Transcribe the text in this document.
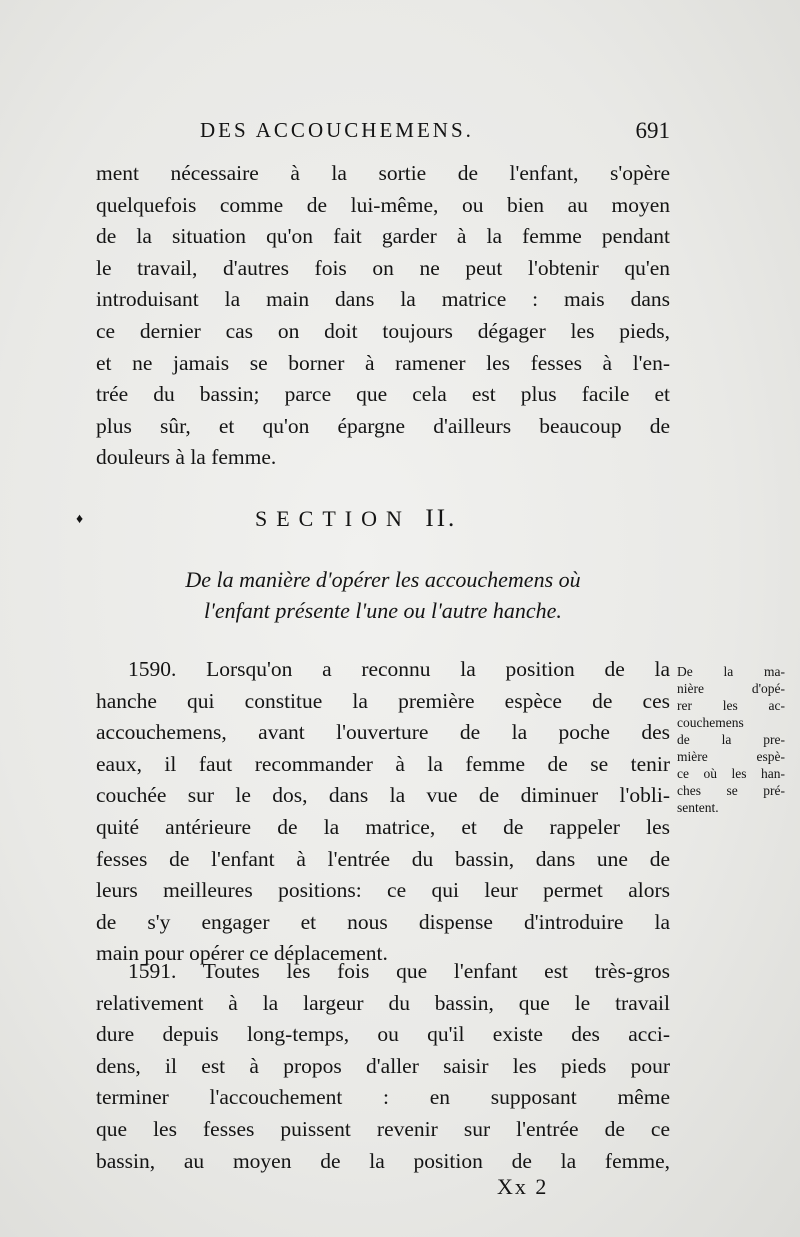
DES ACCOUCHEMENS.	691
ment nécessaire à la sortie de l'enfant, s'opère
quelquefois comme de lui-même, ou bien au moyen
de la situation qu'on fait garder à la femme pendant
le travail, d'autres fois on ne peut l'obtenir qu'en
introduisant la main dans la matrice : mais dans
ce dernier cas on doit toujours dégager les pieds,
et ne jamais se borner à ramener les fesses à l'en-
trée du bassin; parce que cela est plus facile et
plus sûr, et qu'on épargne d'ailleurs beaucoup de
douleurs à la femme.
♦	SECTION II.
De la manière d'opérer les accouchemens où
l'enfant présente l'une ou l'autre hanche.
1590. Lorsqu'on a reconnu la position de la
hanche qui constitue la première espèce de ces
accouchemens, avant l'ouverture de la poche des
eaux, il faut recommander à la femme de se tenir
couchée sur le dos, dans la vue de diminuer l'obli-
quité antérieure de la matrice, et de rappeler les
fesses de l'enfant à l'entrée du bassin, dans une de
leurs meilleures positions: ce qui leur permet alors
de s'y engager et nous dispense d'introduire la
main pour opérer ce déplacement.
De la ma-
nière d'opé-
rer les ac-
couchemens
de la pre-
mière espè-
ce où les han-
ches se pré-
sentent.
1591. Toutes les fois que l'enfant est très-gros
relativement à la largeur du bassin, que le travail
dure depuis long-temps, ou qu'il existe des acci-
dens, il est à propos d'aller saisir les pieds pour
terminer l'accouchement : en supposant même
que les fesses puissent revenir sur l'entrée de ce
bassin, au moyen de la position de la femme,
Xx 2
